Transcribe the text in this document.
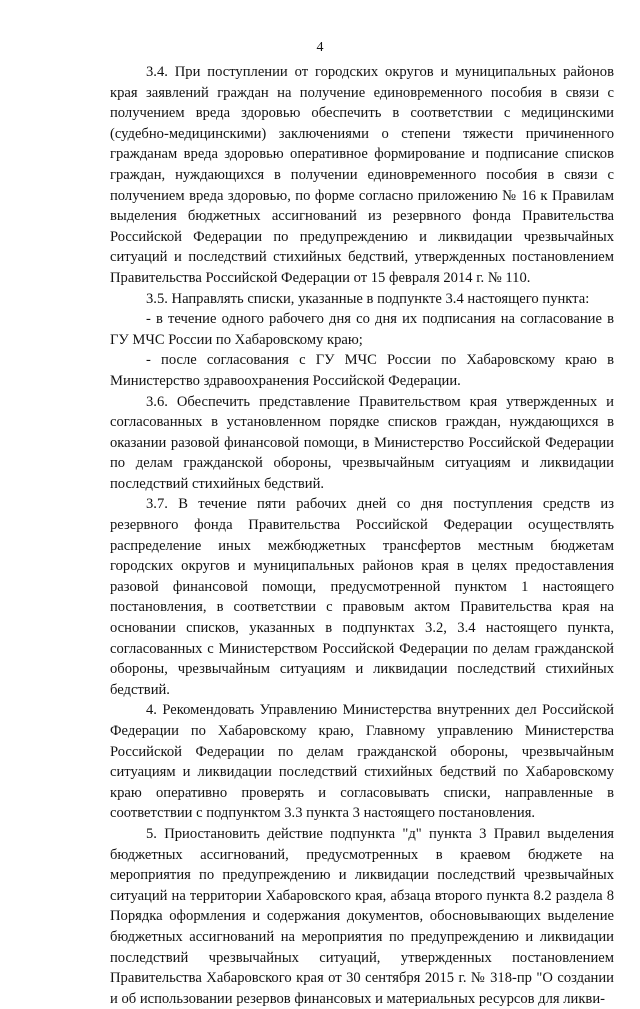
4

3.4. При поступлении от городских округов и муниципальных районов края заявлений граждан на получение единовременного пособия в связи с получением вреда здоровью обеспечить в соответствии с медицинскими (судебно-медицинскими) заключениями о степени тяжести причиненного гражданам вреда здоровью оперативное формирование и подписание списков граждан, нуждающихся в получении единовременного пособия в связи с получением вреда здоровью, по форме согласно приложению № 16 к Правилам выделения бюджетных ассигнований из резервного фонда Правительства Российской Федерации по предупреждению и ликвидации чрезвычайных ситуаций и последствий стихийных бедствий, утвержденных постановлением Правительства Российской Федерации от 15 февраля 2014 г. № 110.

3.5. Направлять списки, указанные в подпункте 3.4 настоящего пункта:

- в течение одного рабочего дня со дня их подписания на согласование в ГУ МЧС России по Хабаровскому краю;

- после согласования с ГУ МЧС России по Хабаровскому краю в Министерство здравоохранения Российской Федерации.

3.6. Обеспечить представление Правительством края утвержденных и согласованных в установленном порядке списков граждан, нуждающихся в оказании разовой финансовой помощи, в Министерство Российской Федерации по делам гражданской обороны, чрезвычайным ситуациям и ликвидации последствий стихийных бедствий.

3.7. В течение пяти рабочих дней со дня поступления средств из резервного фонда Правительства Российской Федерации осуществлять распределение иных межбюджетных трансфертов местным бюджетам городских округов и муниципальных районов края в целях предоставления разовой финансовой помощи, предусмотренной пунктом 1 настоящего постановления, в соответствии с правовым актом Правительства края на основании списков, указанных в подпунктах 3.2, 3.4 настоящего пункта, согласованных с Министерством Российской Федерации по делам гражданской обороны, чрезвычайным ситуациям и ликвидации последствий стихийных бедствий.

4. Рекомендовать Управлению Министерства внутренних дел Российской Федерации по Хабаровскому краю, Главному управлению Министерства Российской Федерации по делам гражданской обороны, чрезвычайным ситуациям и ликвидации последствий стихийных бедствий по Хабаровскому краю оперативно проверять и согласовывать списки, направленные в соответствии с подпунктом 3.3 пункта 3 настоящего постановления.

5. Приостановить действие подпункта "д" пункта 3 Правил выделения бюджетных ассигнований, предусмотренных в краевом бюджете на мероприятия по предупреждению и ликвидации последствий чрезвычайных ситуаций на территории Хабаровского края, абзаца второго пункта 8.2 раздела 8 Порядка оформления и содержания документов, обосновывающих выделение бюджетных ассигнований на мероприятия по предупреждению и ликвидации последствий чрезвычайных ситуаций, утвержденных постановлением Правительства Хабаровского края от 30 сентября 2015 г. № 318-пр "О создании и об использовании резервов финансовых и материальных ресурсов для ликви-
